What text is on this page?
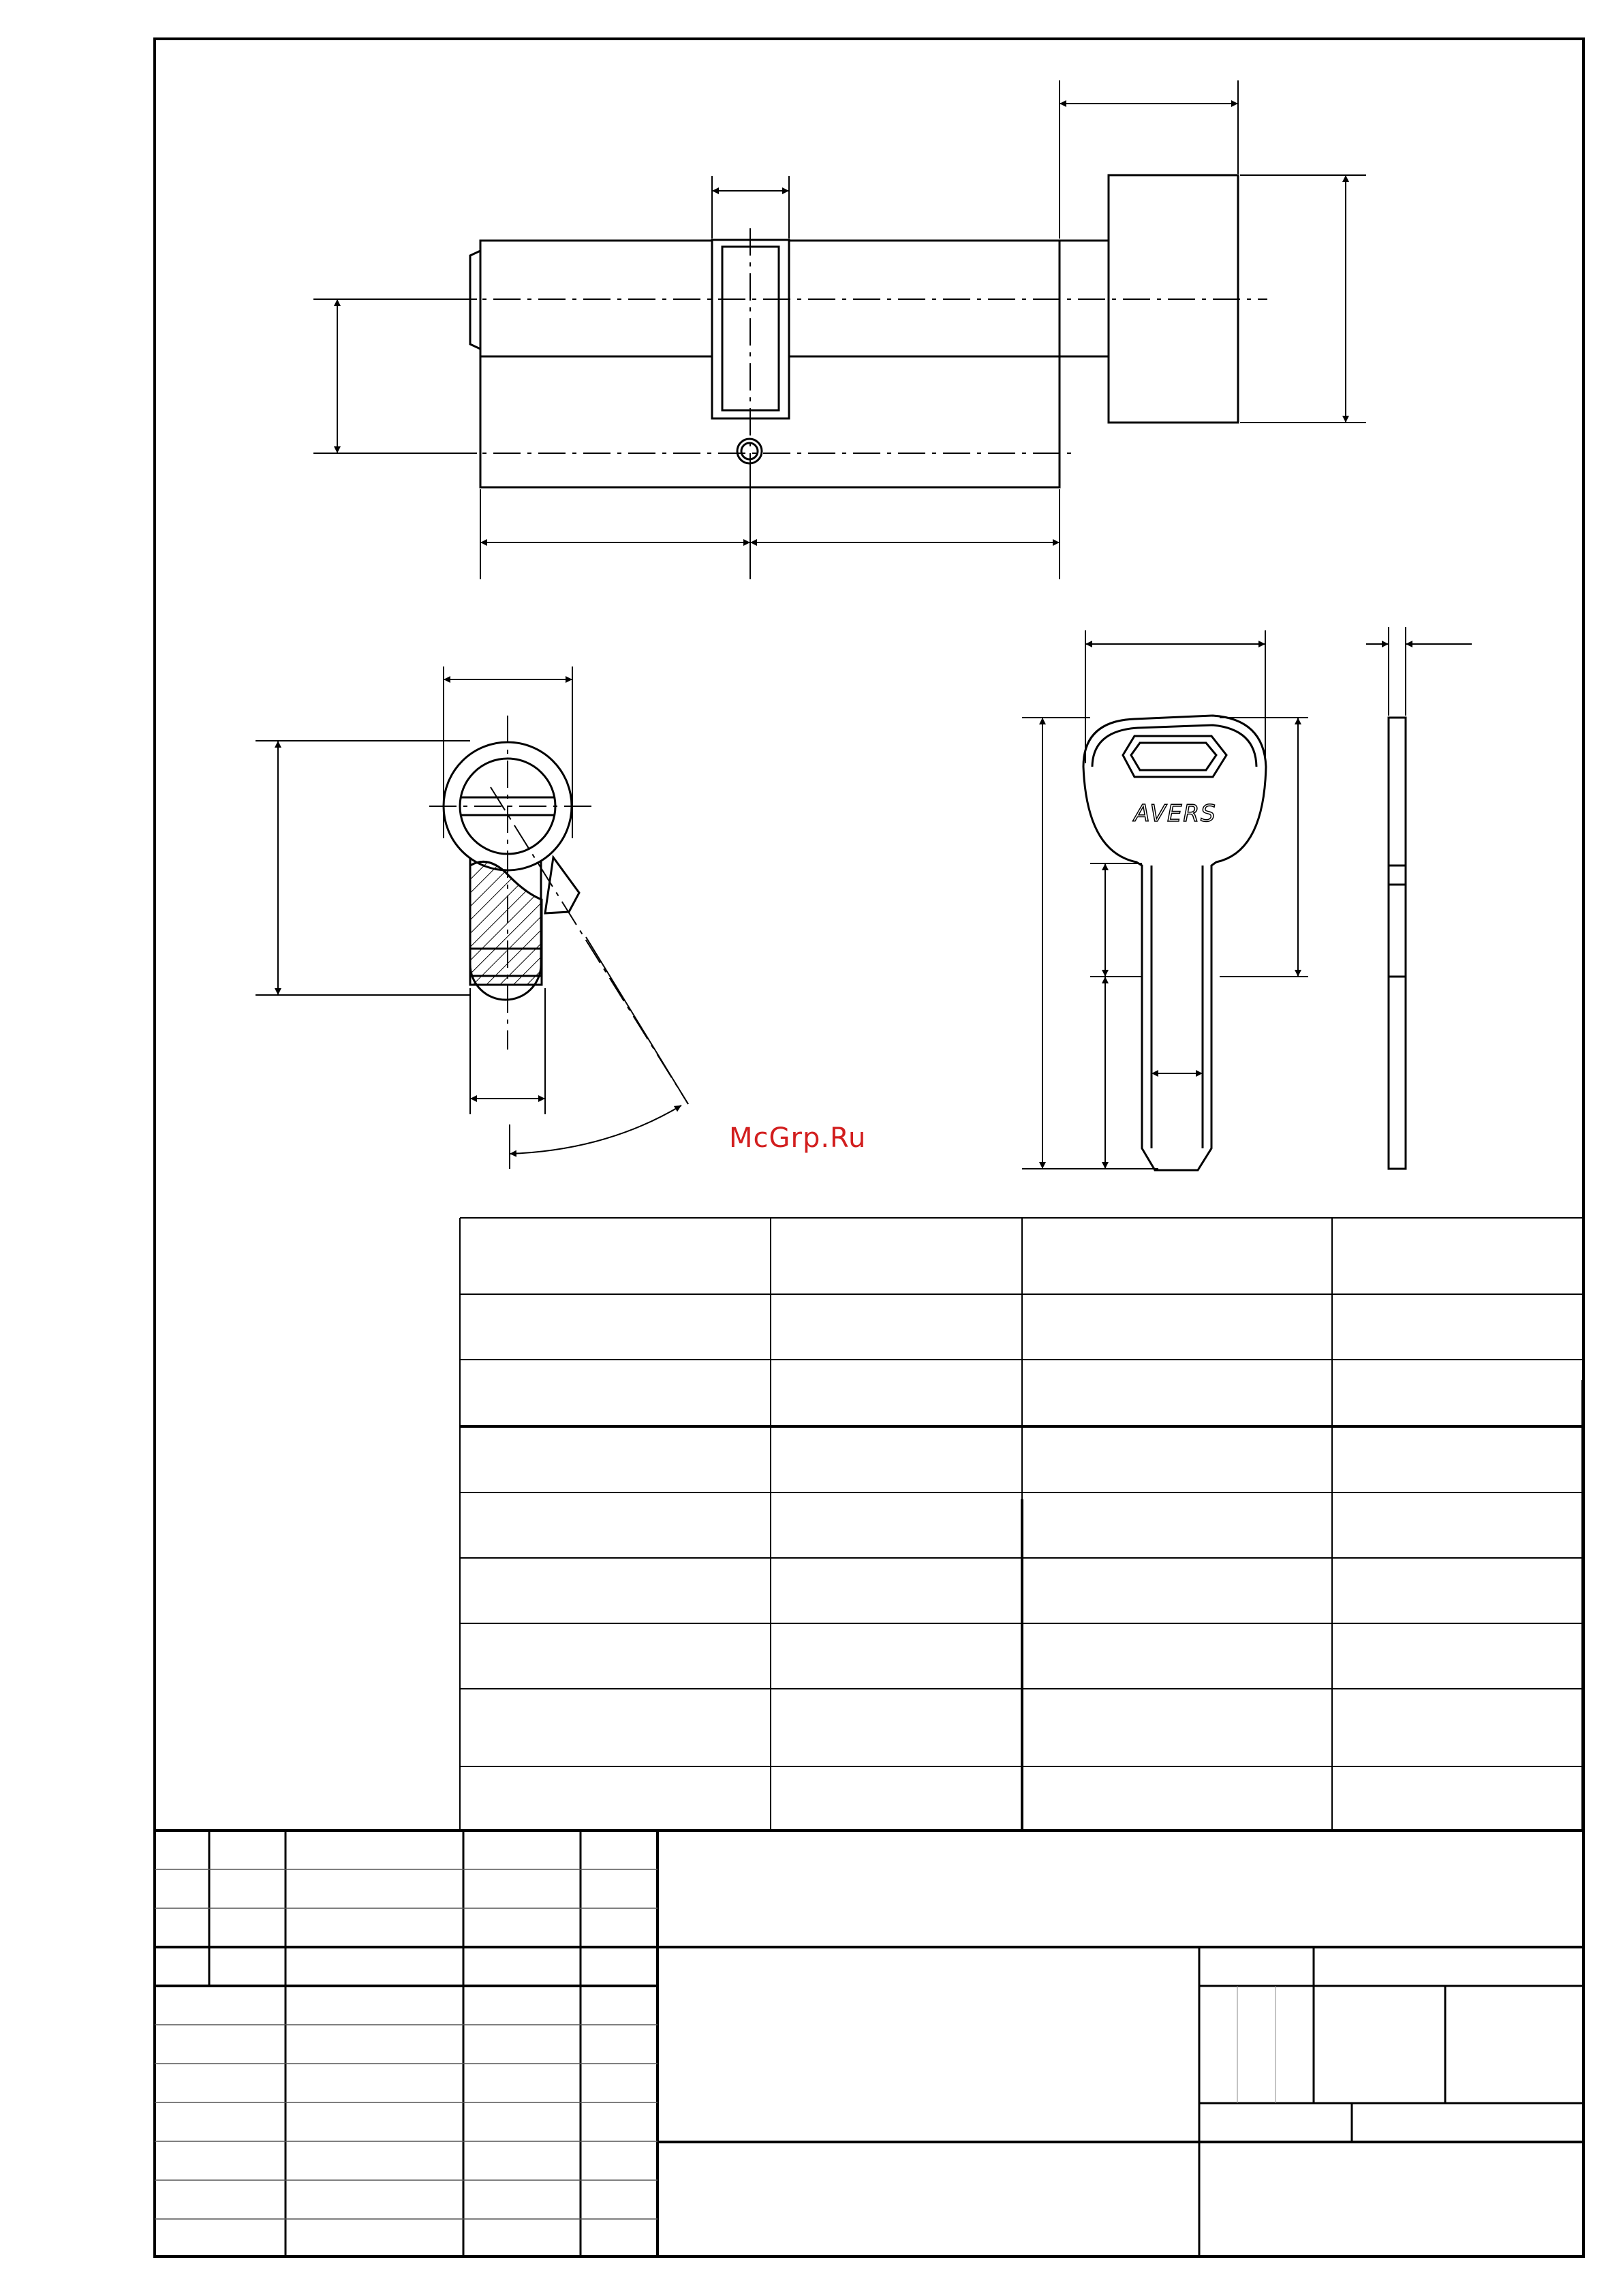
AVERS
McGrp.Ru
